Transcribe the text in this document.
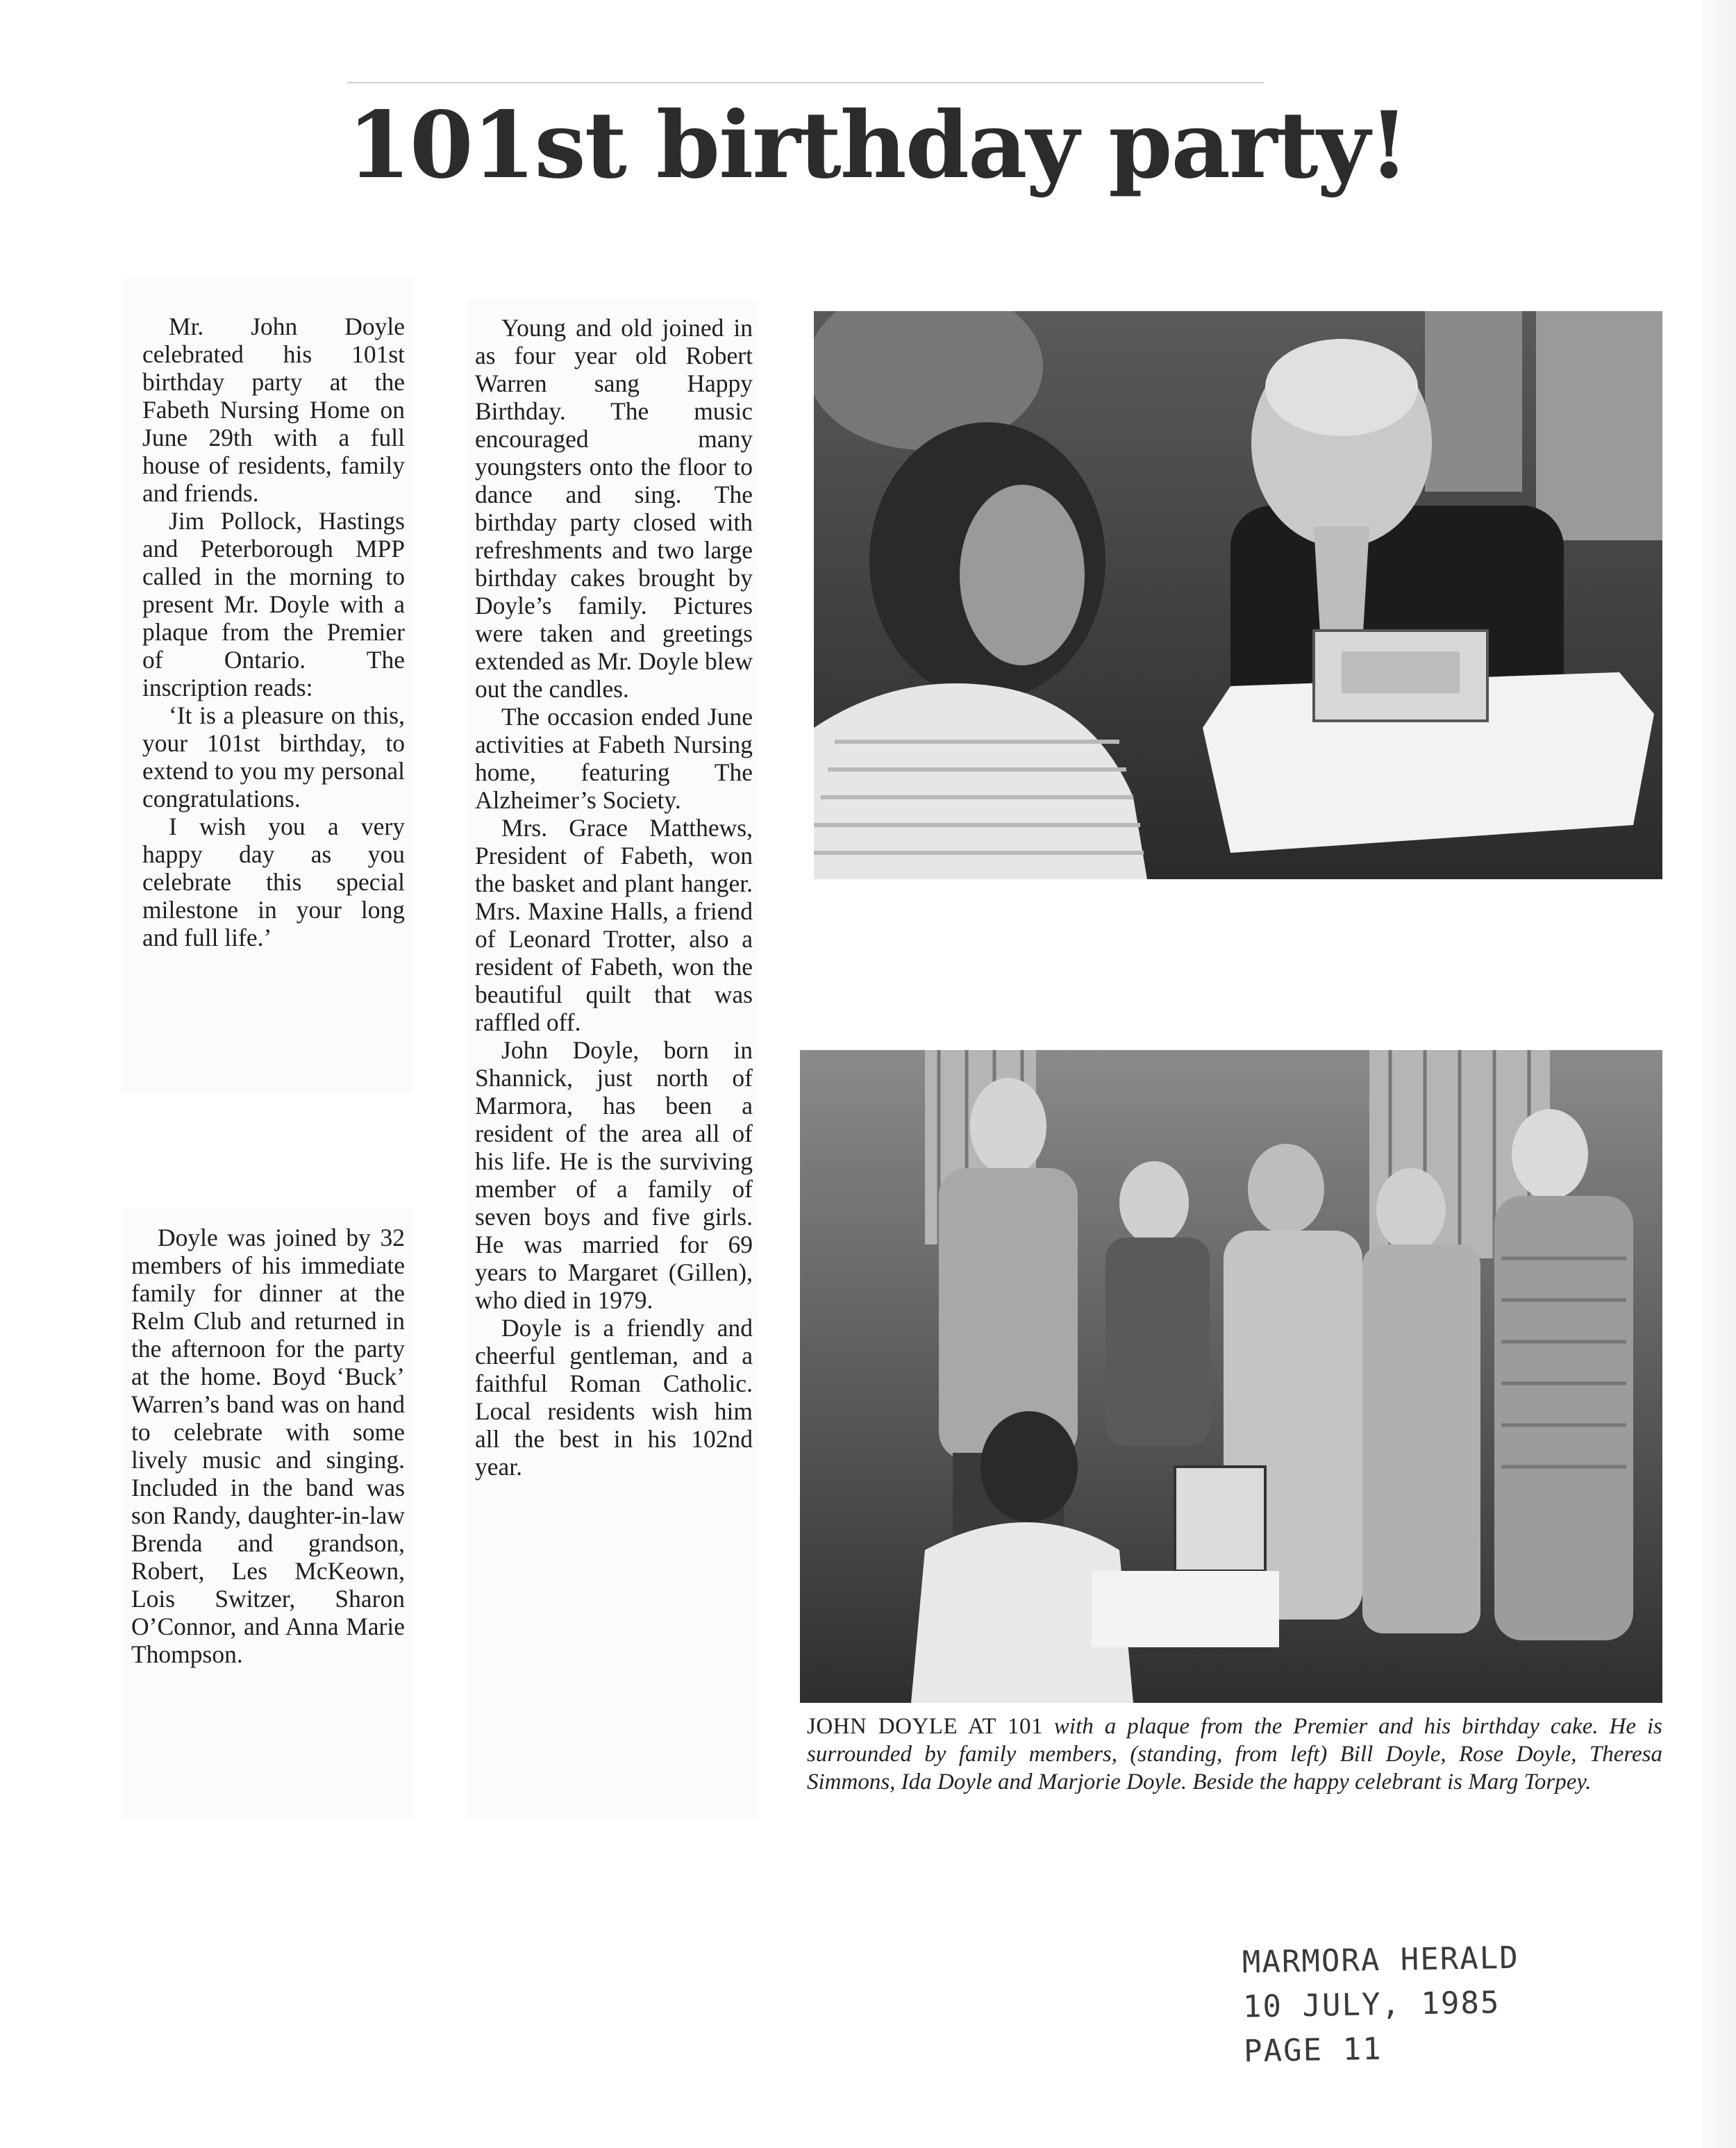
101st birthday party!

Mr. John Doyle celebrated his 101st birthday party at the Fabeth Nursing Home on June 29th with a full house of residents, family and friends.

Jim Pollock, Hastings and Peterborough MPP called in the morning to present Mr. Doyle with a plaque from the Premier of Ontario. The inscription reads:

‘It is a pleasure on this, your 101st birthday, to extend to you my personal congratulations.

I wish you a very happy day as you celebrate this special milestone in your long and full life.’

Doyle was joined by 32 members of his immediate family for dinner at the Relm Club and returned in the afternoon for the party at the home. Boyd ‘Buck’ Warren’s band was on hand to celebrate with some lively music and singing. Included in the band was son Randy, daughter-in-law Brenda and grandson, Robert, Les McKeown, Lois Switzer, Sharon O’Connor, and Anna Marie Thompson.

Young and old joined in as four year old Robert Warren sang Happy Birthday. The music encouraged many youngsters onto the floor to dance and sing. The birthday party closed with refreshments and two large birthday cakes brought by Doyle’s family. Pictures were taken and greetings extended as Mr. Doyle blew out the candles.

The occasion ended June activities at Fabeth Nursing home, featuring The Alzheimer’s Society.

Mrs. Grace Matthews, President of Fabeth, won the basket and plant hanger. Mrs. Maxine Halls, a friend of Leonard Trotter, also a resident of Fabeth, won the beautiful quilt that was raffled off.

John Doyle, born in Shannick, just north of Marmora, has been a resident of the area all of his life. He is the surviving member of a family of seven boys and five girls. He was married for 69 years to Margaret (Gillen), who died in 1979.

Doyle is a friendly and cheerful gentleman, and a faithful Roman Catholic. Local residents wish him all the best in his 102nd year.

JOHN DOYLE AT 101 with a plaque from the Premier and his birthday cake. He is surrounded by family members, (standing, from left) Bill Doyle, Rose Doyle, Theresa Simmons, Ida Doyle and Marjorie Doyle. Beside the happy celebrant is Marg Torpey.
MARMORA HERALD
10 JULY, 1985
PAGE 11
